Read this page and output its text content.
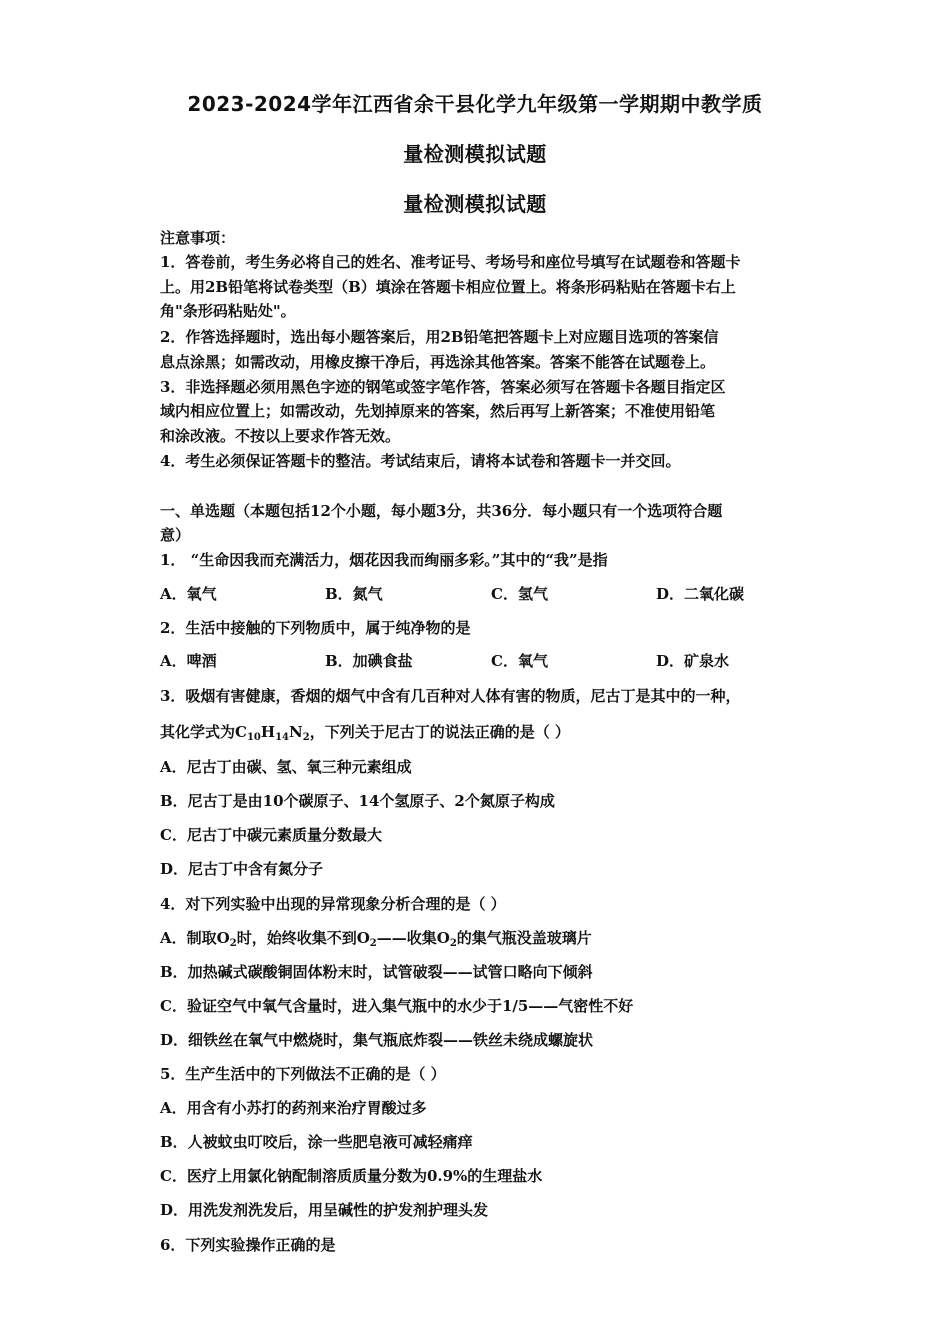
2023-2024学年江西省余干县化学九年级第一学期期中教学质
量检测模拟试题
量检测模拟试题
注意事项：
1．答卷前，考生务必将自己的姓名、准考证号、考场号和座位号填写在试题卷和答题卡
上。用2B铅笔将试卷类型（B）填涂在答题卡相应位置上。将条形码粘贴在答题卡右上
角"条形码粘贴处"。
2．作答选择题时，选出每小题答案后，用2B铅笔把答题卡上对应题目选项的答案信
息点涂黑；如需改动，用橡皮擦干净后，再选涂其他答案。答案不能答在试题卷上。
3．非选择题必须用黑色字迹的钢笔或签字笔作答，答案必须写在答题卡各题目指定区
域内相应位置上；如需改动，先划掉原来的答案，然后再写上新答案；不准使用铅笔
和涂改液。不按以上要求作答无效。
4．考生必须保证答题卡的整洁。考试结束后，请将本试卷和答题卡一并交回。
一、单选题（本题包括12个小题，每小题3分，共36分．每小题只有一个选项符合题
意）
1． “生命因我而充满活力，烟花因我而绚丽多彩。”其中的“我”是指
A．氧气	B．氮气	C．氢气	D．二氧化碳
2．生活中接触的下列物质中，属于纯净物的是
A．啤酒	B．加碘食盐	C．氧气	D．矿泉水
3．吸烟有害健康，香烟的烟气中含有几百种对人体有害的物质，尼古丁是其中的一种，
其化学式为$C_{10}H_{14}N_2$，下列关于尼古丁的说法正确的是（ ）
A．尼古丁由碳、氢、氧三种元素组成
B．尼古丁是由10个碳原子、14个氢原子、2个氮原子构成
C．尼古丁中碳元素质量分数最大
D．尼古丁中含有氮分子
4．对下列实验中出现的异常现象分析合理的是（ ）
A．制取$O_2$时，始终收集不到$O_2——$收集$O_2$的集气瓶没盖玻璃片
B．加热碱式碳酸铜固体粉末时，试管破裂——试管口略向下倾斜
C．验证空气中氧气含量时，进入集气瓶中的水少于1/5——气密性不好
D．细铁丝在氧气中燃烧时，集气瓶底炸裂——铁丝未绕成螺旋状
5．生产生活中的下列做法不正确的是（ ）
A．用含有小苏打的药剂来治疗胃酸过多
B．人被蚊虫叮咬后，涂一些肥皂液可减轻痛痒
C．医疗上用氯化钠配制溶质质量分数为0.9%的生理盐水
D．用洗发剂洗发后，用呈碱性的护发剂护理头发
6．下列实验操作正确的是
